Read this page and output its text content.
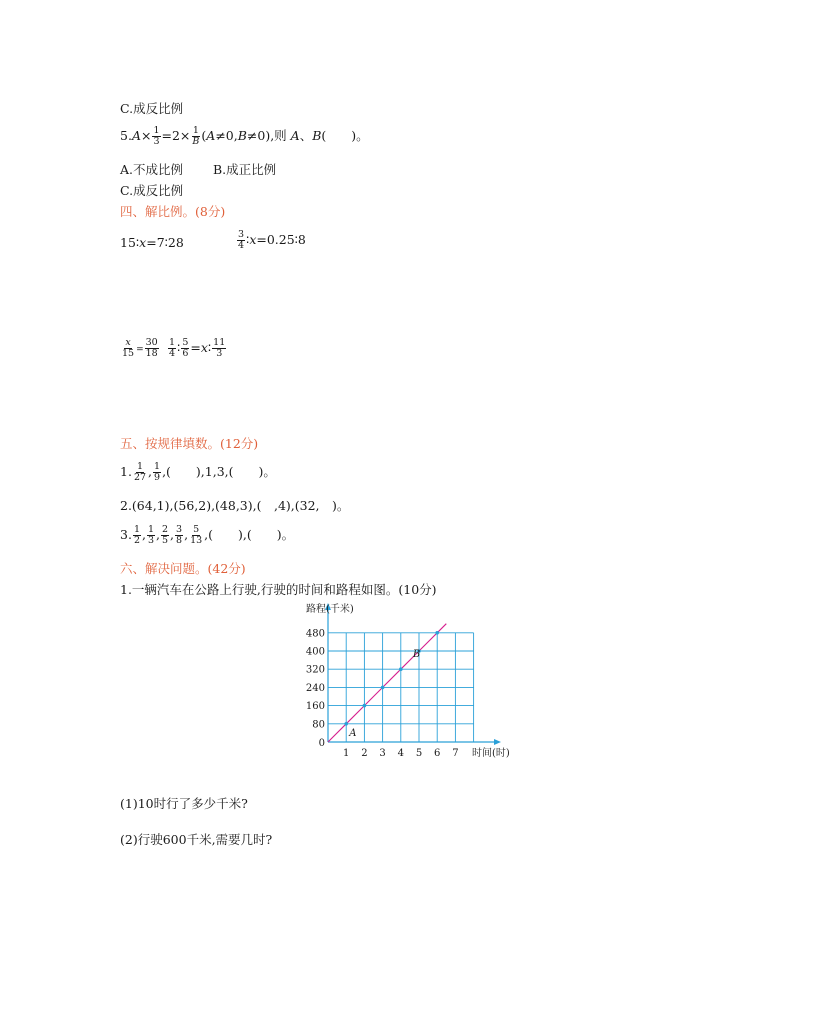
C.成反比例
$5.A\times \frac{1}{3} =2\times \frac{1}{B} (A\ne 0,B\ne 0)$,则 A、B(　　)。
A.不成比例 B.成正比例
C.成反比例
四、解比例。(8分)
15∶x=7∶28	$\frac{3}{4}$ ∶x=0.25∶8
$\frac{x}{15} = \frac{30}{18} \frac{1}{4}$ ∶ $\frac{5}{6}$ =x∶ $\frac{11}{3}$
五、按规律填数。(12分)
1. $\frac{1}{27}$ , $\frac{1}{9}$ ,(　　),1,3,(　　)。
2.(64,1),(56,2),(48,3),(　,4),(32,　)。
3. $\frac{1}{2}$ , $\frac{1}{3}$ , $\frac{2}{5}$ , $\frac{3}{8}$ , $\frac{5}{13}$ ,(　　),(　　)。
六、解决问题。(42分)
1.一辆汽车在公路上行驶,行驶的时间和路程如图。(10分)
1 2 3 4 5 6 7
80
160
240
320
400
480
0
路程(千米)
时间(时)
A
B
(1)10时行了多少千米?
(2)行驶600千米,需要几时?
